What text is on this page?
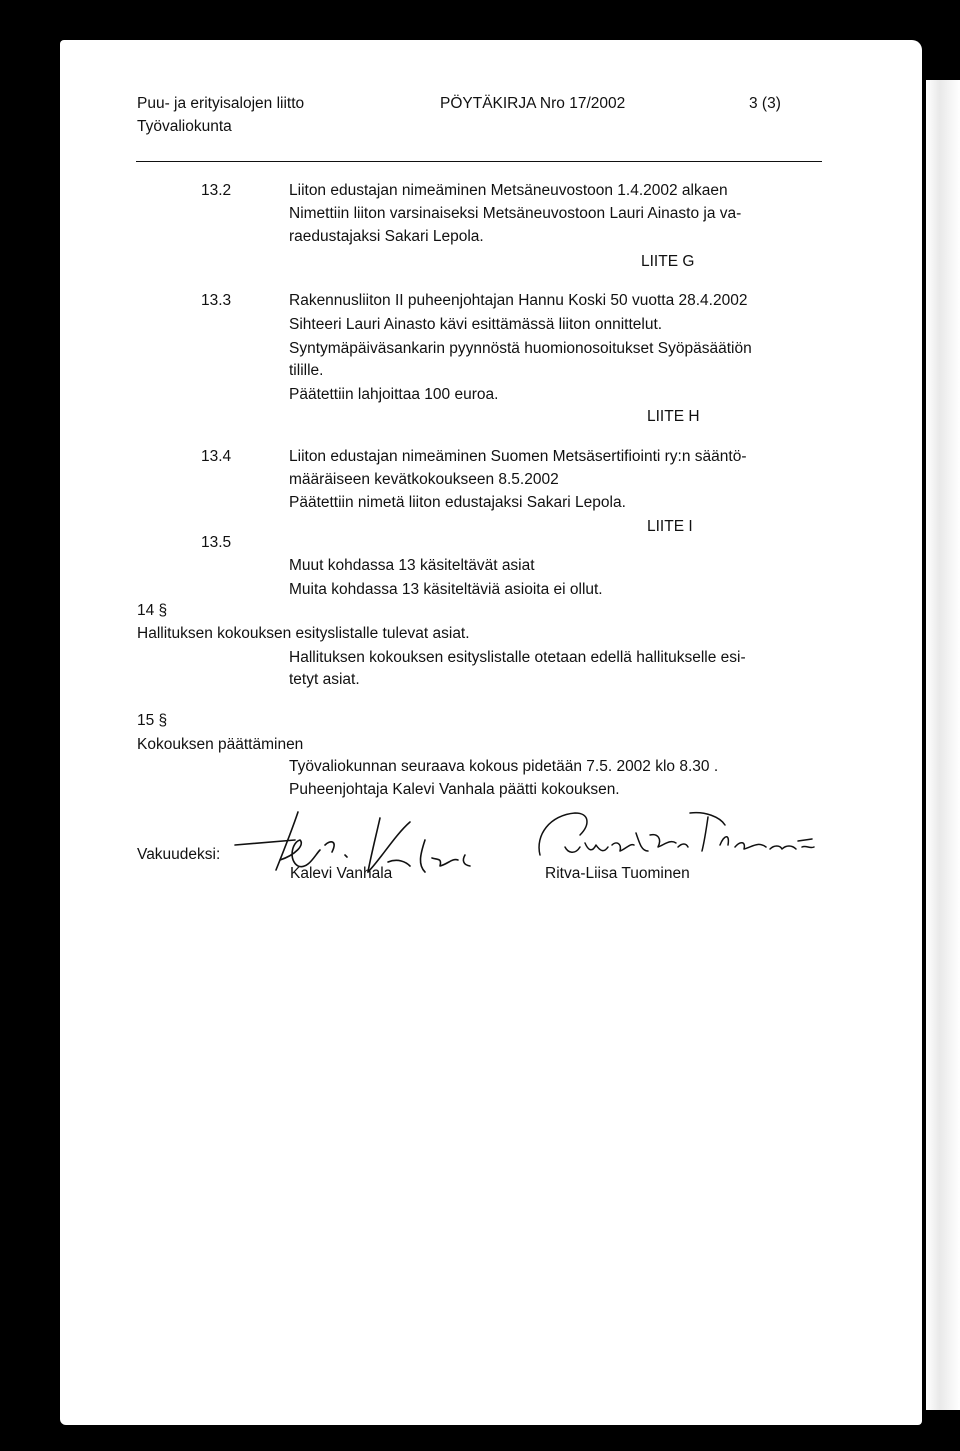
Puu- ja erityisalojen liitto
Työvaliokunta
PÖYTÄKIRJA Nro 17/2002	3 (3)
13.2	Liiton edustajan nimeäminen Metsäneuvostoon 1.4.2002 alkaen
Nimettiin liiton varsinaiseksi Metsäneuvostoon Lauri Ainasto ja va-
raedustajaksi Sakari Lepola.
LIITE G
13.3	Rakennusliiton II puheenjohtajan Hannu Koski 50 vuotta 28.4.2002
Sihteeri Lauri Ainasto kävi esittämässä liiton onnittelut.
Syntymäpäiväsankarin pyynnöstä huomionosoitukset Syöpäsäätiön
tilille.
Päätettiin lahjoittaa 100 euroa.
LIITE H
13.4	Liiton edustajan nimeäminen Suomen Metsäsertifiointi ry:n sääntö-
määräiseen kevätkokoukseen 8.5.2002
Päätettiin nimetä liiton edustajaksi Sakari Lepola.
LIITE I
13.5
Muut kohdassa 13 käsiteltävät asiat
Muita kohdassa 13 käsiteltäviä asioita ei ollut.
14 §
Hallituksen kokouksen esityslistalle tulevat asiat.
Hallituksen kokouksen esityslistalle otetaan edellä hallitukselle esi-
tetyt asiat.
15 §
Kokouksen päättäminen
Työvaliokunnan seuraava kokous pidetään 7.5. 2002 klo 8.30 .
Puheenjohtaja Kalevi Vanhala päätti kokouksen.
Vakuudeksi:
Kalevi Vanhala	Ritva-Liisa Tuominen
